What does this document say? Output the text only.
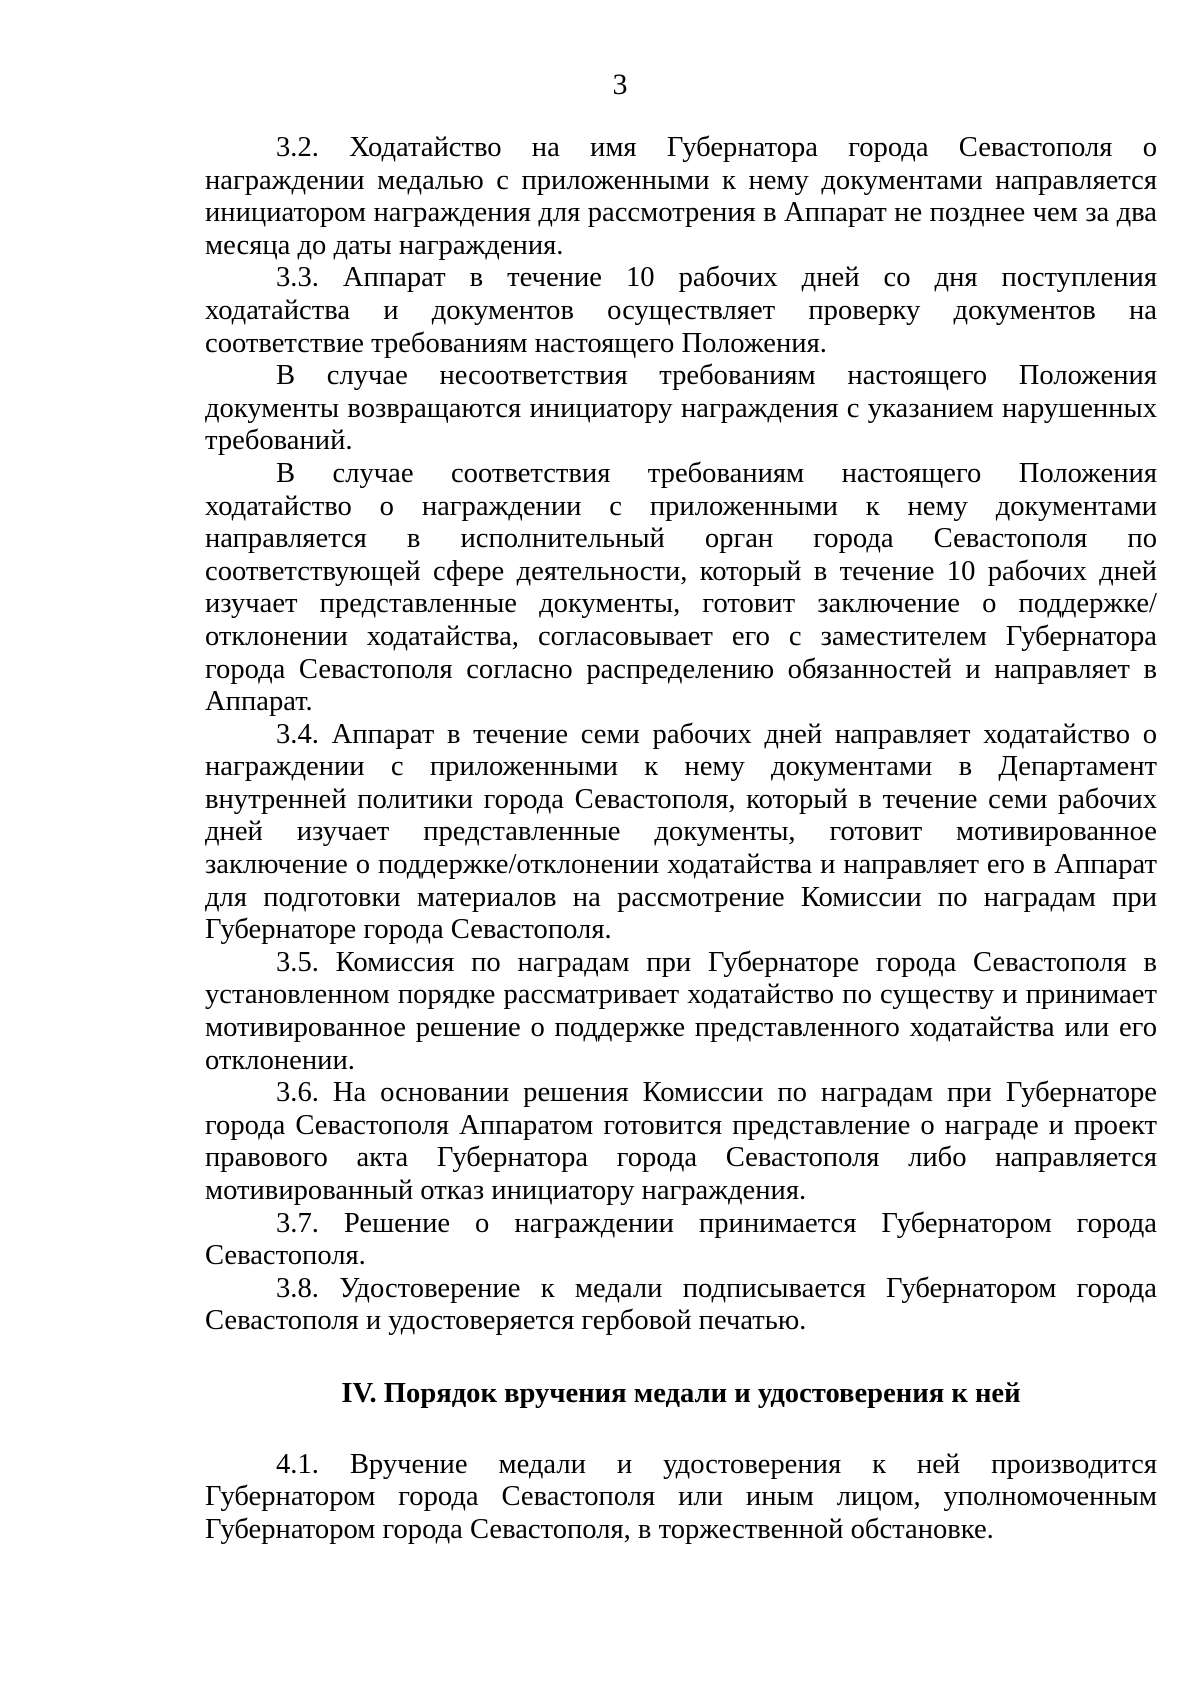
3

3.2. Ходатайство на имя Губернатора города Севастополя о награждении медалью с приложенными к нему документами направляется инициатором награждения для рассмотрения в Аппарат не позднее чем за два месяца до даты награждения.

3.3. Аппарат в течение 10 рабочих дней со дня поступления ходатайства и документов осуществляет проверку документов на соответствие требованиям настоящего Положения.

В случае несоответствия требованиям настоящего Положения документы возвращаются инициатору награждения с указанием нарушенных требований.

В случае соответствия требованиям настоящего Положения ходатайство о награждении с приложенными к нему документами направляется в исполнительный орган города Севастополя по соответствующей сфере деятельности, который в течение 10 рабочих дней изучает представленные документы, готовит заключение о поддержке/отклонении ходатайства, согласовывает его с заместителем Губернатора города Севастополя согласно распределению обязанностей и направляет в Аппарат.

3.4. Аппарат в течение семи рабочих дней направляет ходатайство о награждении с приложенными к нему документами в Департамент внутренней политики города Севастополя, который в течение семи рабочих дней изучает представленные документы, готовит мотивированное заключение о поддержке/отклонении ходатайства и направляет его в Аппарат для подготовки материалов на рассмотрение Комиссии по наградам при Губернаторе города Севастополя.

3.5. Комиссия по наградам при Губернаторе города Севастополя в установленном порядке рассматривает ходатайство по существу и принимает мотивированное решение о поддержке представленного ходатайства или его отклонении.

3.6. На основании решения Комиссии по наградам при Губернаторе города Севастополя Аппаратом готовится представление о награде и проект правового акта Губернатора города Севастополя либо направляется мотивированный отказ инициатору награждения.

3.7. Решение о награждении принимается Губернатором города Севастополя.

3.8. Удостоверение к медали подписывается Губернатором города Севастополя и удостоверяется гербовой печатью.

IV. Порядок вручения медали и удостоверения к ней

4.1. Вручение медали и удостоверения к ней производится Губернатором города Севастополя или иным лицом, уполномоченным Губернатором города Севастополя, в торжественной обстановке.
